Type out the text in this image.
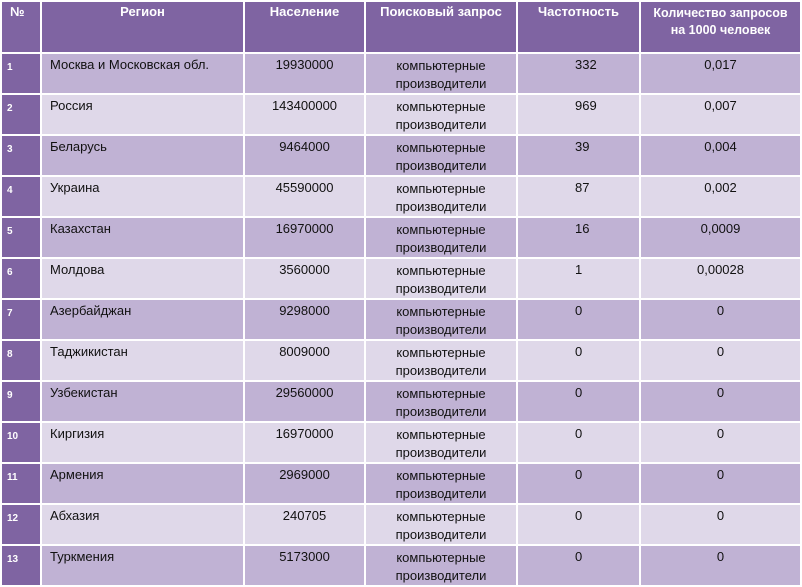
№	Регион	Население	Поисковый запрос	Частотность	Количество запросов
на 1000 человек
1	Москва и Московская обл.	19930000	компьютерные
производители	332	0,017
2	Россия	143400000	компьютерные
производители	969	0,007
3	Беларусь	9464000	компьютерные
производители	39	0,004
4	Украина	45590000	компьютерные
производители	87	0,002
5	Казахстан	16970000	компьютерные
производители	16	0,0009
6	Молдова	3560000	компьютерные
производители	1	0,00028
7	Азербайджан	9298000	компьютерные
производители	0	0
8	Таджикистан	8009000	компьютерные
производители	0	0
9	Узбекистан	29560000	компьютерные
производители	0	0
10	Киргизия	16970000	компьютерные
производители	0	0
11	Армения	2969000	компьютерные
производители	0	0
12	Абхазия	240705	компьютерные
производители	0	0
13	Туркмения	5173000	компьютерные
производители	0	0
